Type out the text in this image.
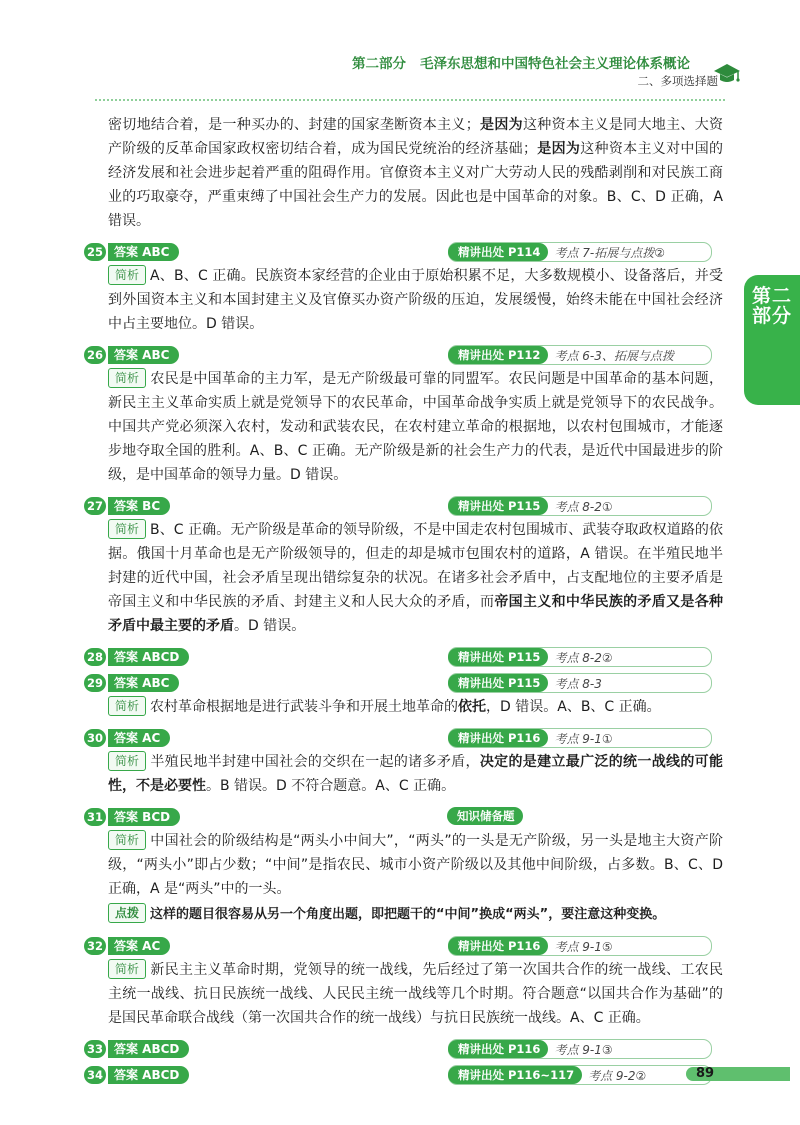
第二部分 毛泽东思想和中国特色社会主义理论体系概论
二、多项选择题
第二部分

密切地结合着，是一种买办的、封建的国家垄断资本主义；是因为这种资本主义是同大地主、大资产阶级的反革命国家政权密切结合着，成为国民党统治的经济基础；是因为这种资本主义对中国的经济发展和社会进步起着严重的阻碍作用。官僚资本主义对广大劳动人民的残酷剥削和对民族工商业的巧取豪夺，严重束缚了中国社会生产力的发展。因此也是中国革命的对象。B、C、D 正确，A 错误。

25 答案 ABC	精讲出处 P114	考点 7-拓展与点拨②

简析 A、B、C 正确。民族资本家经营的企业由于原始积累不足，大多数规模小、设备落后，并受到外国资本主义和本国封建主义及官僚买办资产阶级的压迫，发展缓慢，始终未能在中国社会经济中占主要地位。D 错误。

26 答案 ABC	精讲出处 P112	考点 6-3、拓展与点拨

简析 农民是中国革命的主力军，是无产阶级最可靠的同盟军。农民问题是中国革命的基本问题，新民主主义革命实质上就是党领导下的农民革命，中国革命战争实质上就是党领导下的农民战争。中国共产党必须深入农村，发动和武装农民，在农村建立革命的根据地，以农村包围城市，才能逐步地夺取全国的胜利。A、B、C 正确。无产阶级是新的社会生产力的代表，是近代中国最进步的阶级，是中国革命的领导力量。D 错误。

27 答案 BC	精讲出处 P115	考点 8-2①

简析 B、C 正确。无产阶级是革命的领导阶级，不是中国走农村包围城市、武装夺取政权道路的依据。俄国十月革命也是无产阶级领导的，但走的却是城市包围农村的道路，A 错误。在半殖民地半封建的近代中国，社会矛盾呈现出错综复杂的状况。在诸多社会矛盾中，占支配地位的主要矛盾是帝国主义和中华民族的矛盾、封建主义和人民大众的矛盾，而帝国主义和中华民族的矛盾又是各种矛盾中最主要的矛盾。D 错误。

28 答案 ABCD	精讲出处 P115	考点 8-2②
29 答案 ABC	精讲出处 P115	考点 8-3

简析 农村革命根据地是进行武装斗争和开展土地革命的依托，D 错误。A、B、C 正确。

30 答案 AC	精讲出处 P116	考点 9-1①

简析 半殖民地半封建中国社会的交织在一起的诸多矛盾，决定的是建立最广泛的统一战线的可能性，不是必要性。B 错误。D 不符合题意。A、C 正确。

31 答案 BCD	知识储备题

简析 中国社会的阶级结构是“两头小中间大”，“两头”的一头是无产阶级，另一头是地主大资产阶级，“两头小”即占少数；“中间”是指农民、城市小资产阶级以及其他中间阶级，占多数。B、C、D 正确，A 是“两头”中的一头。

点拨 这样的题目很容易从另一个角度出题，即把题干的“中间”换成“两头”，要注意这种变换。

32 答案 AC	精讲出处 P116	考点 9-1⑤

简析 新民主主义革命时期，党领导的统一战线，先后经过了第一次国共合作的统一战线、工农民主统一战线、抗日民族统一战线、人民民主统一战线等几个时期。符合题意“以国共合作为基础”的是国民革命联合战线（第一次国共合作的统一战线）与抗日民族统一战线。A、C 正确。

33 答案 ABCD	精讲出处 P116	考点 9-1③
34 答案 ABCD	精讲出处 P116~117	考点 9-2②	89
